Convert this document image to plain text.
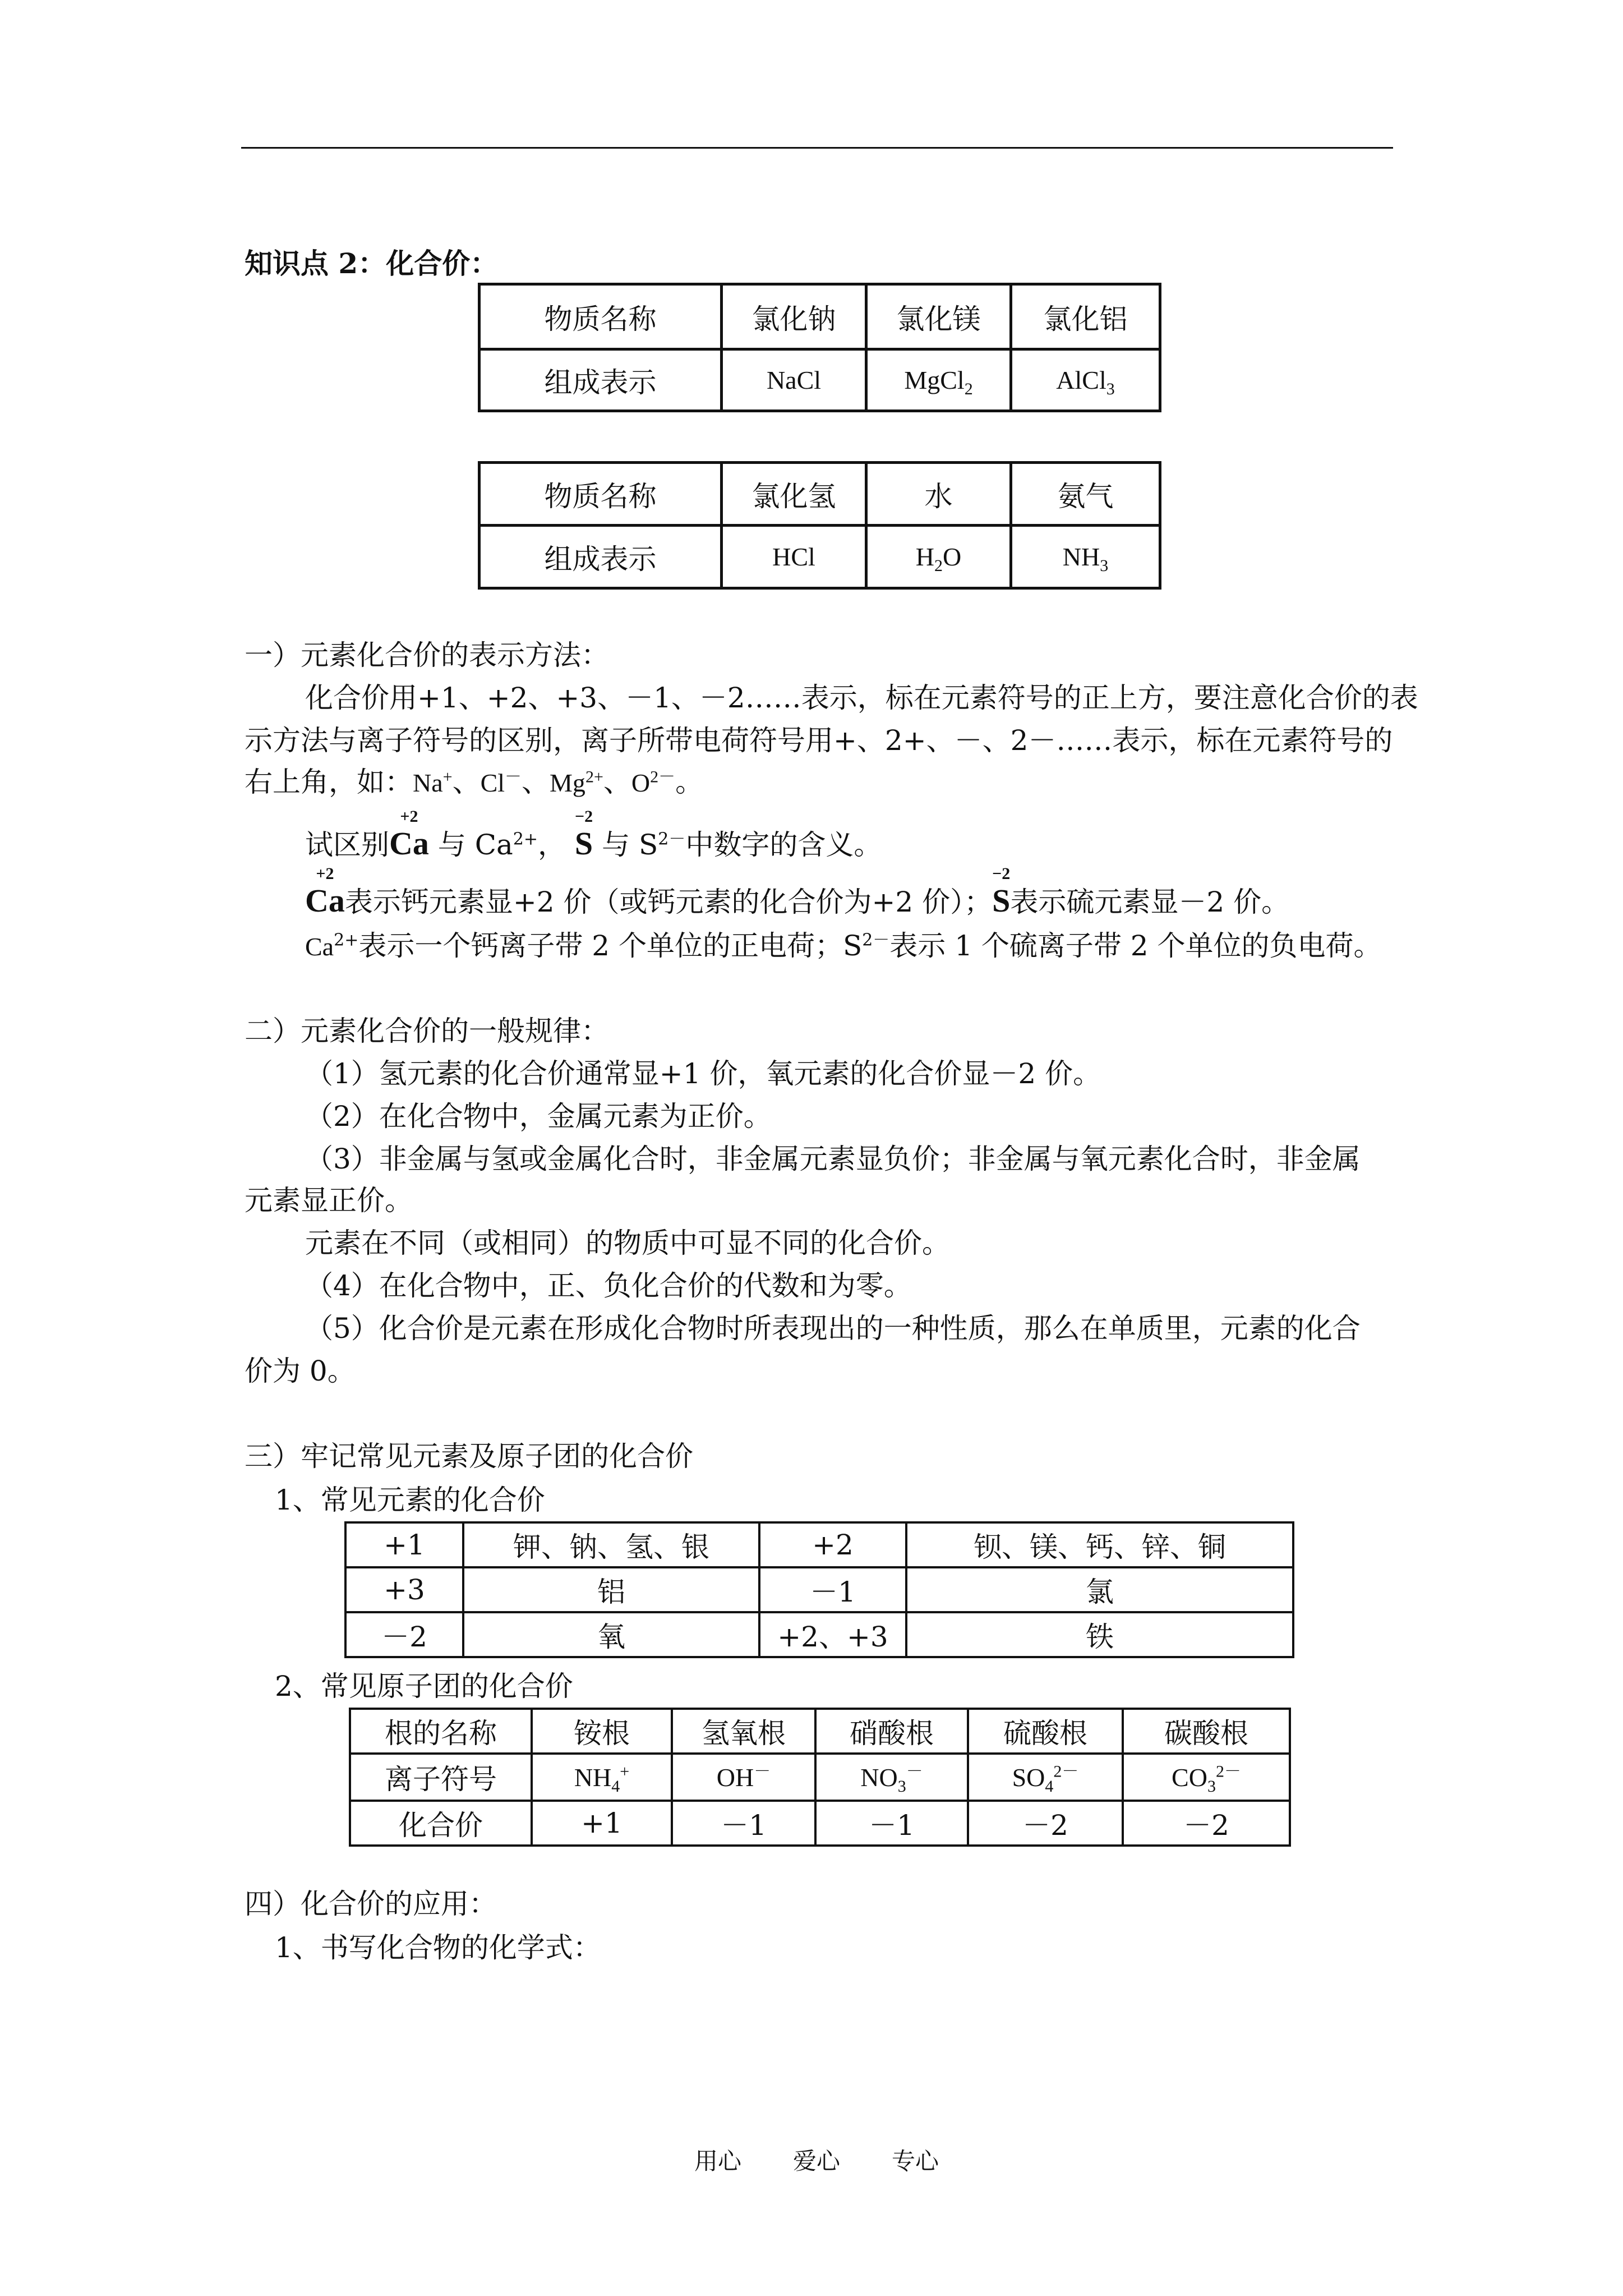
知识点 2：化合价：
物质名称	氯化钠	氯化镁	氯化铝
组成表示	NaCl	MgCl$_2$	AlCl$_3$
物质名称	氯化氢	水	氨气
组成表示	HCl	$H_2O$	$NH_3$
一）元素化合价的表示方法：
化合价用+1、+2、+3、－1、－2……表示，标在元素符号的正上方，要注意化合价的表
示方法与离子符号的区别，离子所带电荷符号用+、2+、－、2－……表示，标在元素符号的
右上角，如：Na+、Cl－、$Mg^{2+}$、$O^{2-}$。
试区别
+2
Ca 与 $Ca^{2+}$，
−2
S 与 $S^{2-}$中数字的含义。
+2
Ca表示钙元素显+2 价（或钙元素的化合价为+2 价）；
−2
S表示硫元素显－2 价。
$Ca^{2+}$表示一个钙离子带 2 个单位的正电荷；$S^{2-}$表示 1 个硫离子带 2 个单位的负电荷。
二）元素化合价的一般规律：
（1）氢元素的化合价通常显+1 价，氧元素的化合价显－2 价。
（2）在化合物中，金属元素为正价。
（3）非金属与氢或金属化合时，非金属元素显负价；非金属与氧元素化合时，非金属
元素显正价。
元素在不同（或相同）的物质中可显不同的化合价。
（4）在化合物中，正、负化合价的代数和为零。
（5）化合价是元素在形成化合物时所表现出的一种性质，那么在单质里，元素的化合
价为 0。
三）牢记常见元素及原子团的化合价
1、常见元素的化合价
+1	钾、钠、氢、银	+2	钡、镁、钙、锌、铜
+3	铝	－1	氯
－2	氧	+2、+3	铁
2、常见原子团的化合价
根的名称	铵根	氢氧根	硝酸根	硫酸根	碳酸根
离子符号	$NH_4^+$	OH－	$NO_3^-$	$SO_4^{2-}$	$CO_3^{2-}$
化合价	+1	－1	－1	－2	－2
四）化合价的应用：
1、书写化合物的化学式：
用心 爱心 专心
